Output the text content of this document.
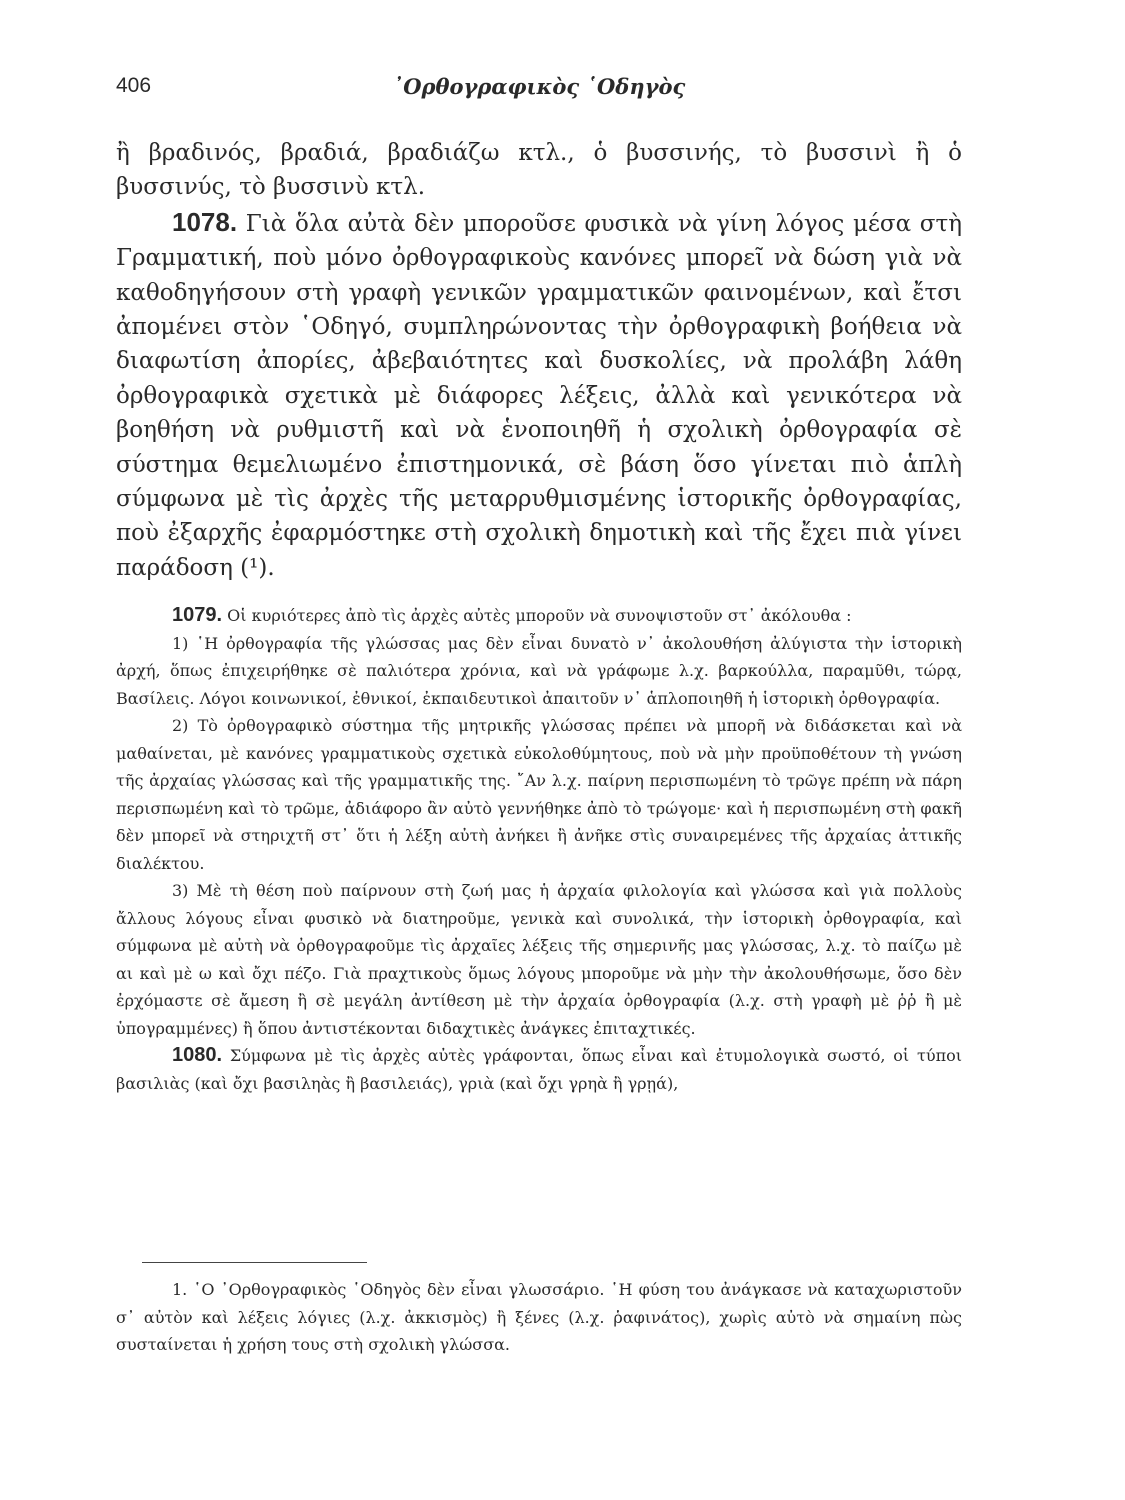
406	᾿Ορθογραφικὸς ῾Οδηγὸς

ἢ βραδινός, βραδιά, βραδιάζω κτλ., ὁ βυσσινής, τὸ βυσσινὶ ἢ ὁ βυσσινύς, τὸ βυσσινὺ κτλ.

1078. Γιὰ ὅλα αὐτὰ δὲν μποροῦσε φυσικὰ νὰ γίνη λόγος μέσα στὴ Γραμματική, ποὺ μόνο ὀρθογραφικοὺς κανόνες μπορεῖ νὰ δώση γιὰ νὰ καθοδηγήσουν στὴ γραφὴ γενικῶν γραμματικῶν φαινομένων, καὶ ἔτσι ἀπομένει στὸν ῾Οδηγό, συμπληρώνοντας τὴν ὀρθογραφικὴ βοήθεια νὰ διαφωτίση ἀπορίες, ἀβεβαιότητες καὶ δυσκολίες, νὰ προλάβη λάθη ὀρθογραφικὰ σχετικὰ μὲ διάφορες λέξεις, ἀλλὰ καὶ γενικότερα νὰ βοηθήση νὰ ρυθμιστῆ καὶ νὰ ἑνοποιηθῆ ἡ σχολικὴ ὀρθογραφία σὲ σύστημα θεμελιωμένο ἐπιστημονικά, σὲ βάση ὅσο γίνεται πιὸ ἁπλὴ σύμφωνα μὲ τὶς ἀρχὲς τῆς μεταρρυθμισμένης ἱστορικῆς ὀρθογραφίας, ποὺ ἐξαρχῆς ἐφαρμόστηκε στὴ σχολικὴ δημοτικὴ καὶ τῆς ἔχει πιὰ γίνει παράδοση (¹).

1079. Οἱ κυριότερες ἀπὸ τὶς ἀρχὲς αὐτὲς μποροῦν νὰ συνοψιστοῦν στ᾿ ἀκόλουθα :

1) ῾Η ὀρθογραφία τῆς γλώσσας μας δὲν εἶναι δυνατὸ ν᾿ ἀκολουθήση ἀλύγιστα τὴν ἱστορικὴ ἀρχή, ὅπως ἐπιχειρήθηκε σὲ παλιότερα χρόνια, καὶ νὰ γράφωμε λ.χ. βαρκούλλα, παραμῦθι, τώρᾳ, Βασίλεις. Λόγοι κοινωνικοί, ἐθνικοί, ἐκπαιδευτικοὶ ἀπαιτοῦν ν᾿ ἁπλοποιηθῆ ἡ ἱστορικὴ ὀρθογραφία.

2) Τὸ ὀρθογραφικὸ σύστημα τῆς μητρικῆς γλώσσας πρέπει νὰ μπορῆ νὰ διδάσκεται καὶ νὰ μαθαίνεται, μὲ κανόνες γραμματικοὺς σχετικὰ εὐκολοθύμητους, ποὺ νὰ μὴν προϋποθέτουν τὴ γνώση τῆς ἀρχαίας γλώσσας καὶ τῆς γραμματικῆς της. ῎Αν λ.χ. παίρνη περισπωμένη τὸ τρῶγε πρέπη νὰ πάρη περισπωμένη καὶ τὸ τρῶμε, ἀδιάφορο ἂν αὐτὸ γεννήθηκε ἀπὸ τὸ τρώγομε· καὶ ἡ περισπωμένη στὴ φακῆ δὲν μπορεῖ νὰ στηριχτῆ στ᾿ ὅτι ἡ λέξη αὐτὴ ἀνήκει ἢ ἀνῆκε στὶς συναιρεμένες τῆς ἀρχαίας ἀττικῆς διαλέκτου.

3) Μὲ τὴ θέση ποὺ παίρνουν στὴ ζωή μας ἡ ἀρχαία φιλολογία καὶ γλώσσα καὶ γιὰ πολλοὺς ἄλλους λόγους εἶναι φυσικὸ νὰ διατηροῦμε, γενικὰ καὶ συνολικά, τὴν ἱστορικὴ ὀρθογραφία, καὶ σύμφωνα μὲ αὐτὴ νὰ ὀρθογραφοῦμε τὶς ἀρχαῖες λέξεις τῆς σημερινῆς μας γλώσσας, λ.χ. τὸ παίζω μὲ αι καὶ μὲ ω καὶ ὄχι πέζο. Γιὰ πραχτικοὺς ὅμως λόγους μποροῦμε νὰ μὴν τὴν ἀκολουθήσωμε, ὅσο δὲν ἐρχόμαστε σὲ ἄμεση ἢ σὲ μεγάλη ἀντίθεση μὲ τὴν ἀρχαία ὀρθογραφία (λ.χ. στὴ γραφὴ μὲ ῥῥ ἢ μὲ ὑπογραμμένες) ἢ ὅπου ἀντιστέκονται διδαχτικὲς ἀνάγκες ἐπιταχτικές.

1080. Σύμφωνα μὲ τὶς ἀρχὲς αὐτὲς γράφονται, ὅπως εἶναι καὶ ἐτυμολογικὰ σωστό, οἱ τύποι βασιλιὰς (καὶ ὄχι βασιληὰς ἢ βασιλειάς), γριὰ (καὶ ὄχι γρηὰ ἢ γρῃά),

1. ῾Ο ᾿Ορθογραφικὸς ῾Οδηγὸς δὲν εἶναι γλωσσάριο. ῾Η φύση του ἀνάγκασε νὰ καταχωριστοῦν σ᾿ αὐτὸν καὶ λέξεις λόγιες (λ.χ. ἀκκισμὸς) ἢ ξένες (λ.χ. ῥαφινάτος), χωρὶς αὐτὸ νὰ σημαίνη πὼς συσταίνεται ἡ χρήση τους στὴ σχολικὴ γλώσσα.
